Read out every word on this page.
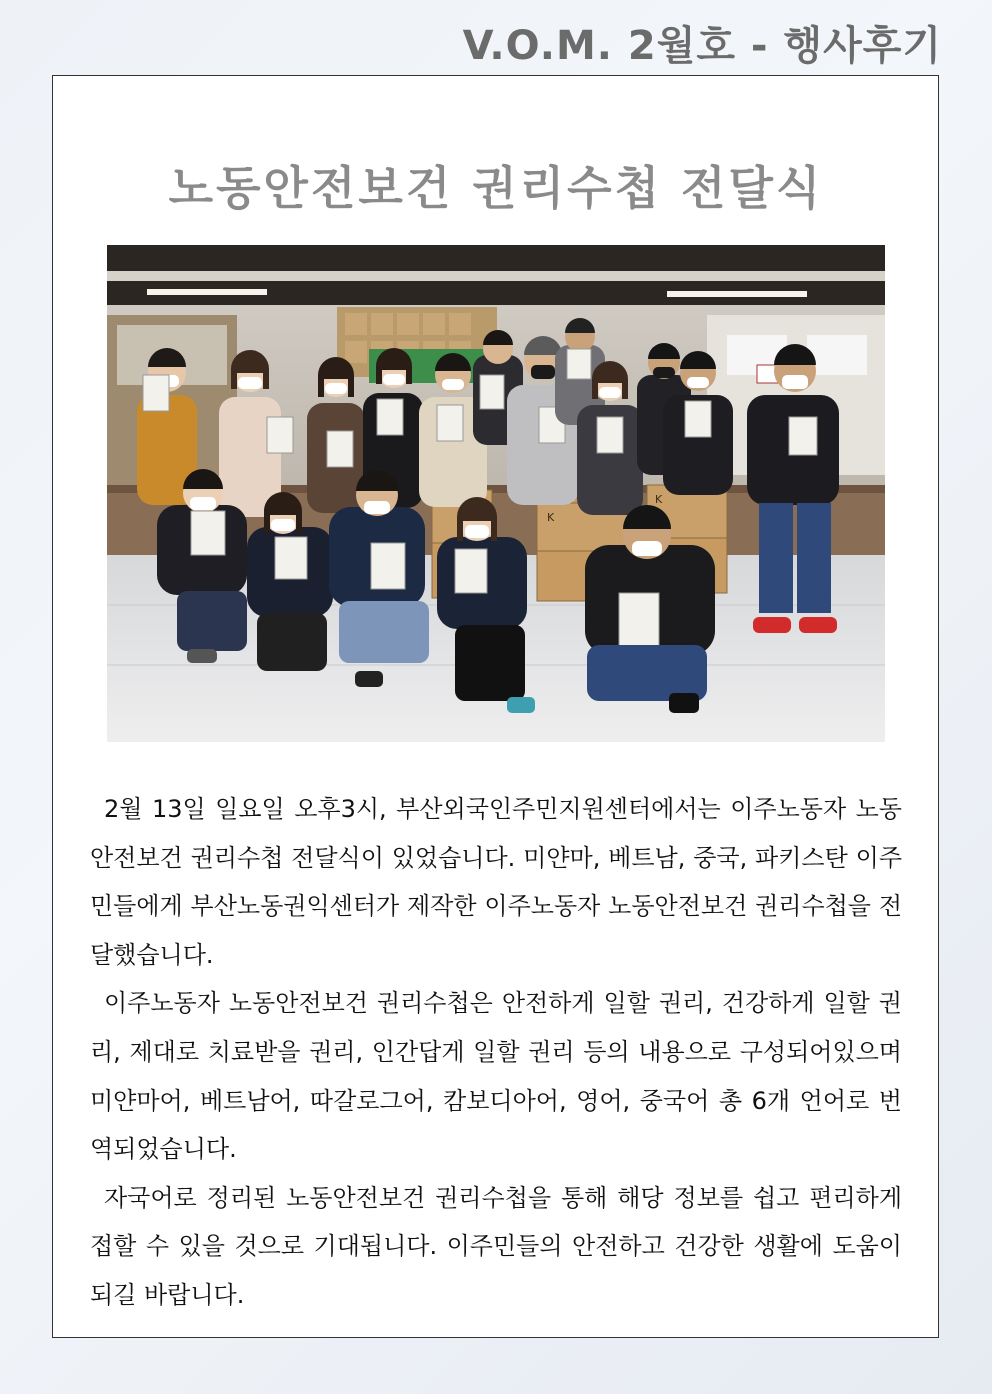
V.O.M. 2월호 - 행사후기
노동안전보건 권리수첩 전달식
K
K

2월 13일 일요일 오후3시, 부산외국인주민지원센터에서는 이주노동자 노동안전보건 권리수첩 전달식이 있었습니다. 미얀마, 베트남, 중국, 파키스탄 이주민들에게 부산노동권익센터가 제작한 이주노동자 노동안전보건 권리수첩을 전달했습니다.

이주노동자 노동안전보건 권리수첩은 안전하게 일할 권리, 건강하게 일할 권리, 제대로 치료받을 권리, 인간답게 일할 권리 등의 내용으로 구성되어있으며 미얀마어, 베트남어, 따갈로그어, 캄보디아어, 영어, 중국어 총 6개 언어로 번역되었습니다.

자국어로 정리된 노동안전보건 권리수첩을 통해 해당 정보를 쉽고 편리하게 접할 수 있을 것으로 기대됩니다. 이주민들의 안전하고 건강한 생활에 도움이 되길 바랍니다.
